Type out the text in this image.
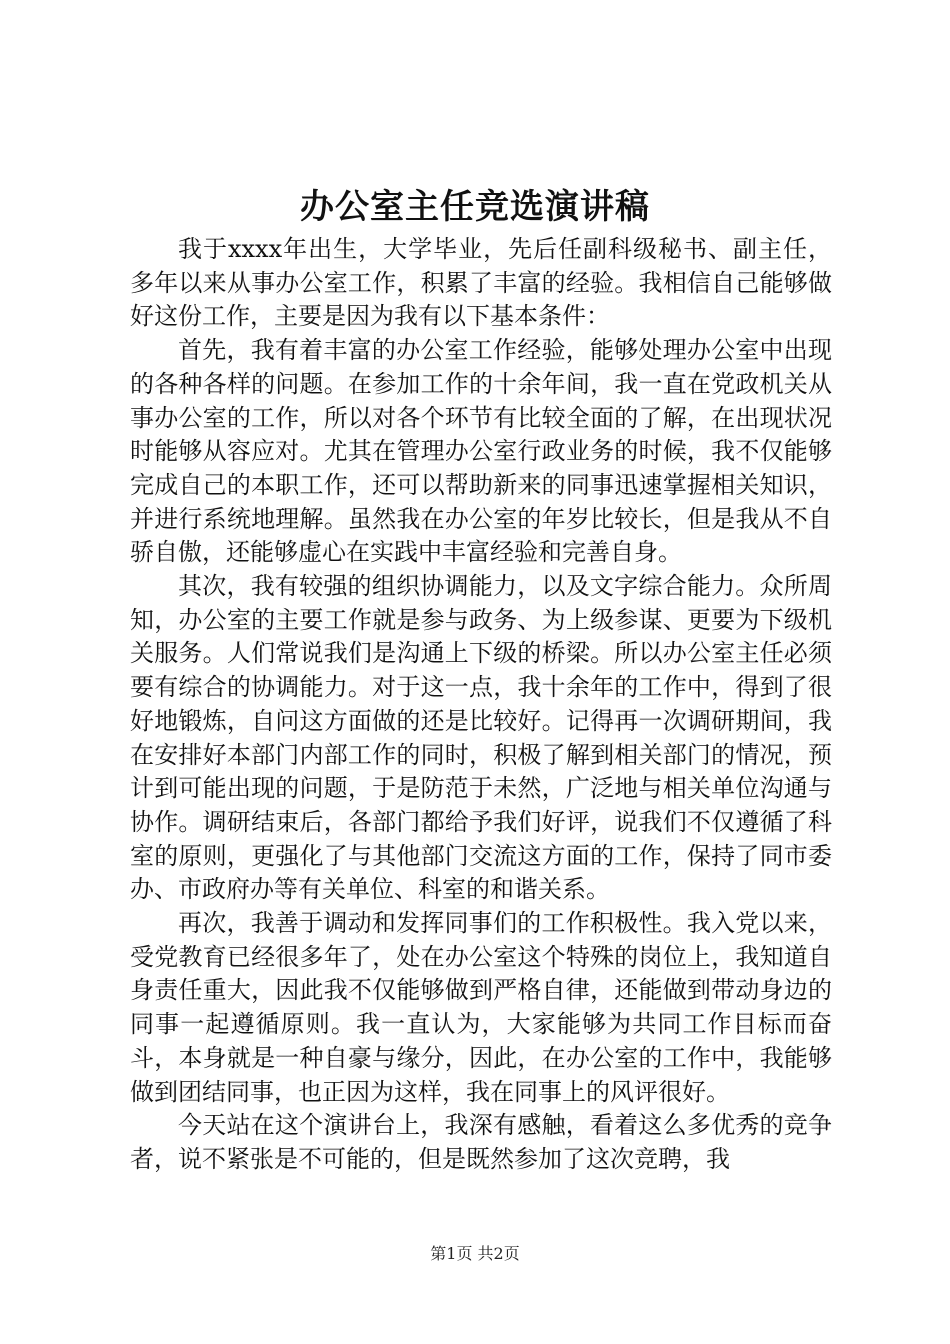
办公室主任竞选演讲稿

我于xxxx年出生，大学毕业，先后任副科级秘书、副主任，多年以来从事办公室工作，积累了丰富的经验。我相信自己能够做好这份工作，主要是因为我有以下基本条件：

首先，我有着丰富的办公室工作经验，能够处理办公室中出现的各种各样的问题。在参加工作的十余年间，我一直在党政机关从事办公室的工作，所以对各个环节有比较全面的了解，在出现状况时能够从容应对。尤其在管理办公室行政业务的时候，我不仅能够完成自己的本职工作，还可以帮助新来的同事迅速掌握相关知识，并进行系统地理解。虽然我在办公室的年岁比较长，但是我从不自骄自傲，还能够虚心在实践中丰富经验和完善自身。

其次，我有较强的组织协调能力，以及文字综合能力。众所周知，办公室的主要工作就是参与政务、为上级参谋、更要为下级机关服务。人们常说我们是沟通上下级的桥梁。所以办公室主任必须要有综合的协调能力。对于这一点，我十余年的工作中，得到了很好地锻炼，自问这方面做的还是比较好。记得再一次调研期间，我在安排好本部门内部工作的同时，积极了解到相关部门的情况，预计到可能出现的问题，于是防范于未然，广泛地与相关单位沟通与协作。调研结束后，各部门都给予我们好评，说我们不仅遵循了科室的原则，更强化了与其他部门交流这方面的工作，保持了同市委办、市政府办等有关单位、科室的和谐关系。

再次，我善于调动和发挥同事们的工作积极性。我入党以来，受党教育已经很多年了，处在办公室这个特殊的岗位上，我知道自身责任重大，因此我不仅能够做到严格自律，还能做到带动身边的同事一起遵循原则。我一直认为，大家能够为共同工作目标而奋斗，本身就是一种自豪与缘分，因此，在办公室的工作中，我能够做到团结同事，也正因为这样，我在同事上的风评很好。

今天站在这个演讲台上，我深有感触，看着这么多优秀的竞争者，说不紧张是不可能的，但是既然参加了这次竞聘，我

第1页 共2页
